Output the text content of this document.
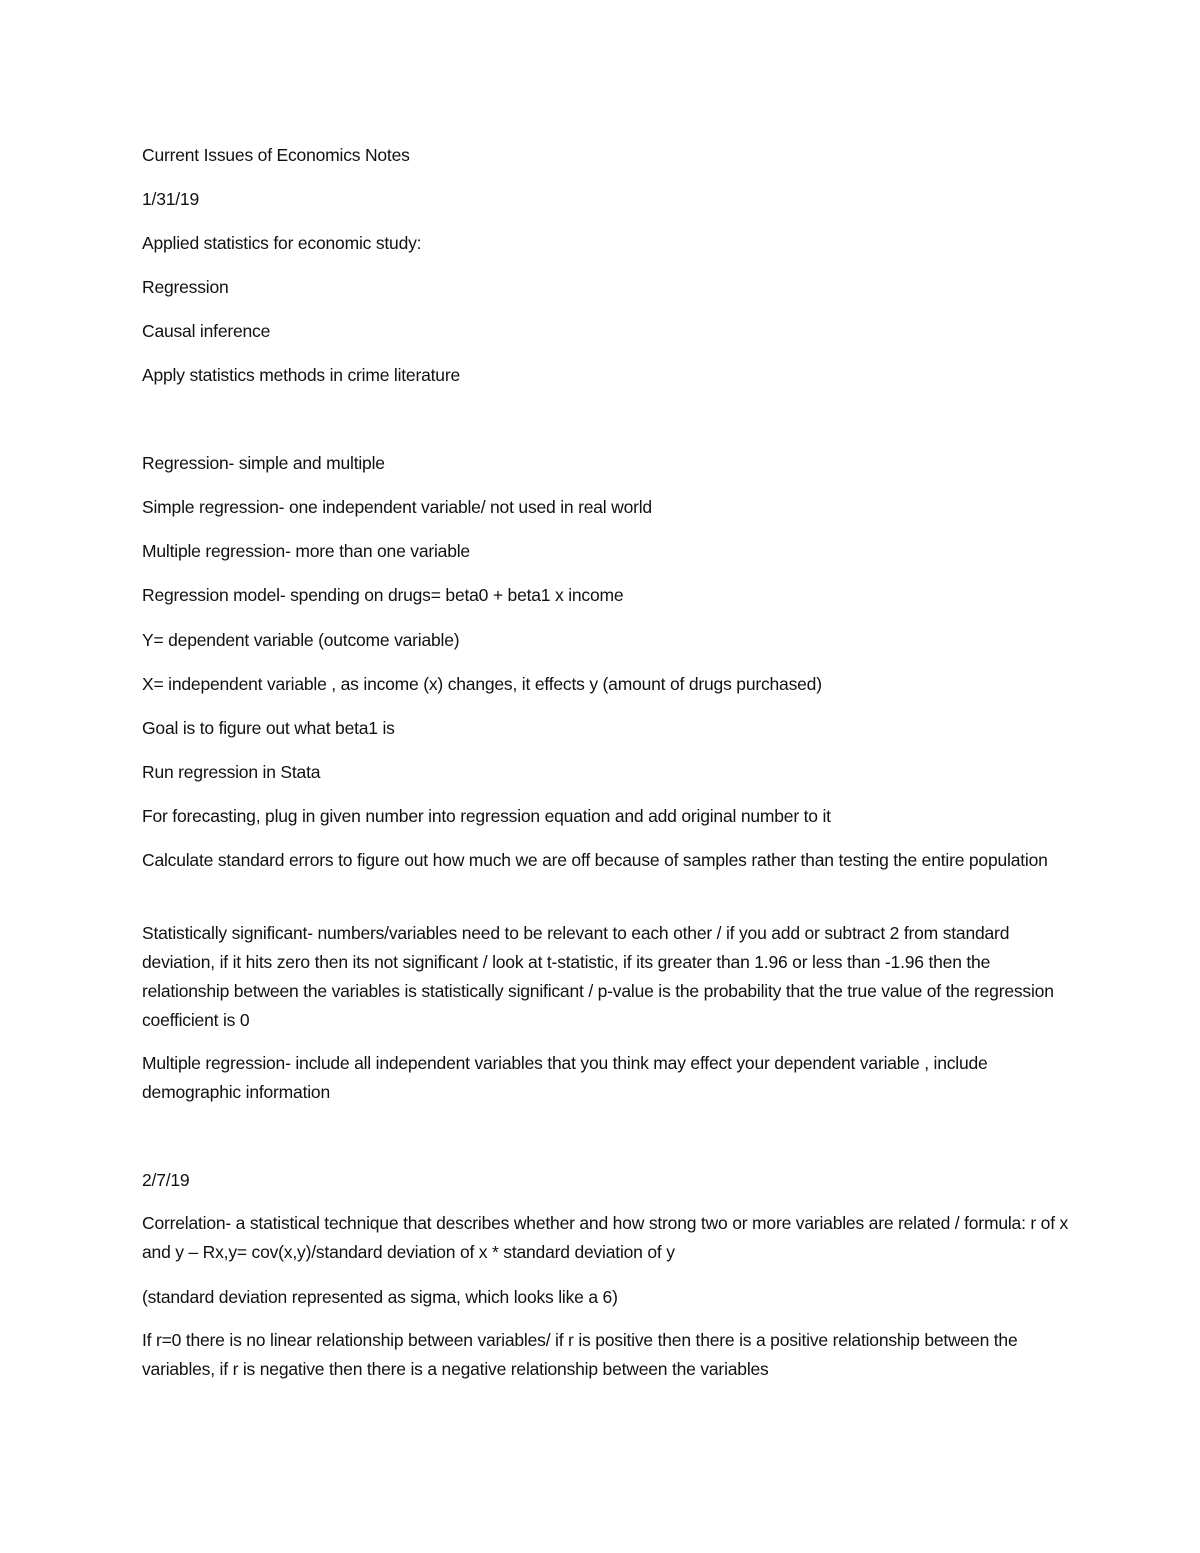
Current Issues of Economics Notes
1/31/19
Applied statistics for economic study:
Regression
Causal inference
Apply statistics methods in crime literature
Regression- simple and multiple
Simple regression- one independent variable/ not used in real world
Multiple regression- more than one variable
Regression model- spending on drugs= beta0 + beta1 x income
Y= dependent variable (outcome variable)
X= independent variable , as income (x) changes, it effects y (amount of drugs purchased)
Goal is to figure out what beta1 is
Run regression in Stata
For forecasting, plug in given number into regression equation and add original number to it
Calculate standard errors to figure out how much we are off because of samples rather than testing the entire population
Statistically significant- numbers/variables need to be relevant to each other / if you add or subtract 2 from standard deviation, if it hits zero then its not significant / look at t-statistic, if its greater than 1.96 or less than -1.96 then the relationship between the variables is statistically significant / p-value is the probability that the true value of the regression coefficient is 0
Multiple regression- include all independent variables that you think may effect your dependent variable , include demographic information
2/7/19
Correlation- a statistical technique that describes whether and how strong two or more variables are related / formula: r of x and y – Rx,y= cov(x,y)/standard deviation of x * standard deviation of y
(standard deviation represented as sigma, which looks like a 6)
If r=0 there is no linear relationship between variables/ if r is positive then there is a positive relationship between the variables, if r is negative then there is a negative relationship between the variables
